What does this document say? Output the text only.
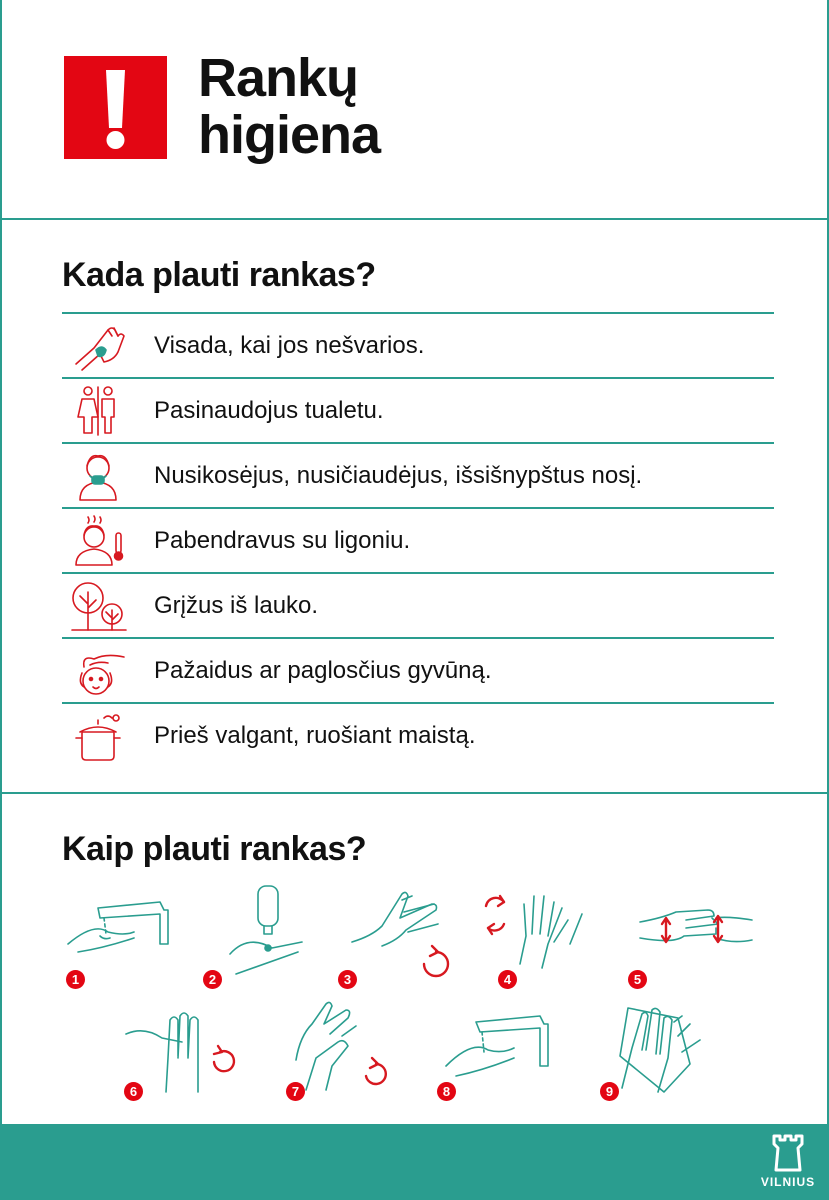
Rankų
higiena
Kada plauti rankas?
Visada, kai jos nešvarios.
Pasinaudojus tualetu.
Nusikosėjus, nusičiaudėjus, išsišnypštus nosį.
Pabendravus su ligoniu.
Grįžus iš lauko.
Pažaidus ar paglosčius gyvūną.
Prieš valgant, ruošiant maistą.
Kaip plauti rankas?
1	2	3	4	5
6	7	8	9
VILNIUS
